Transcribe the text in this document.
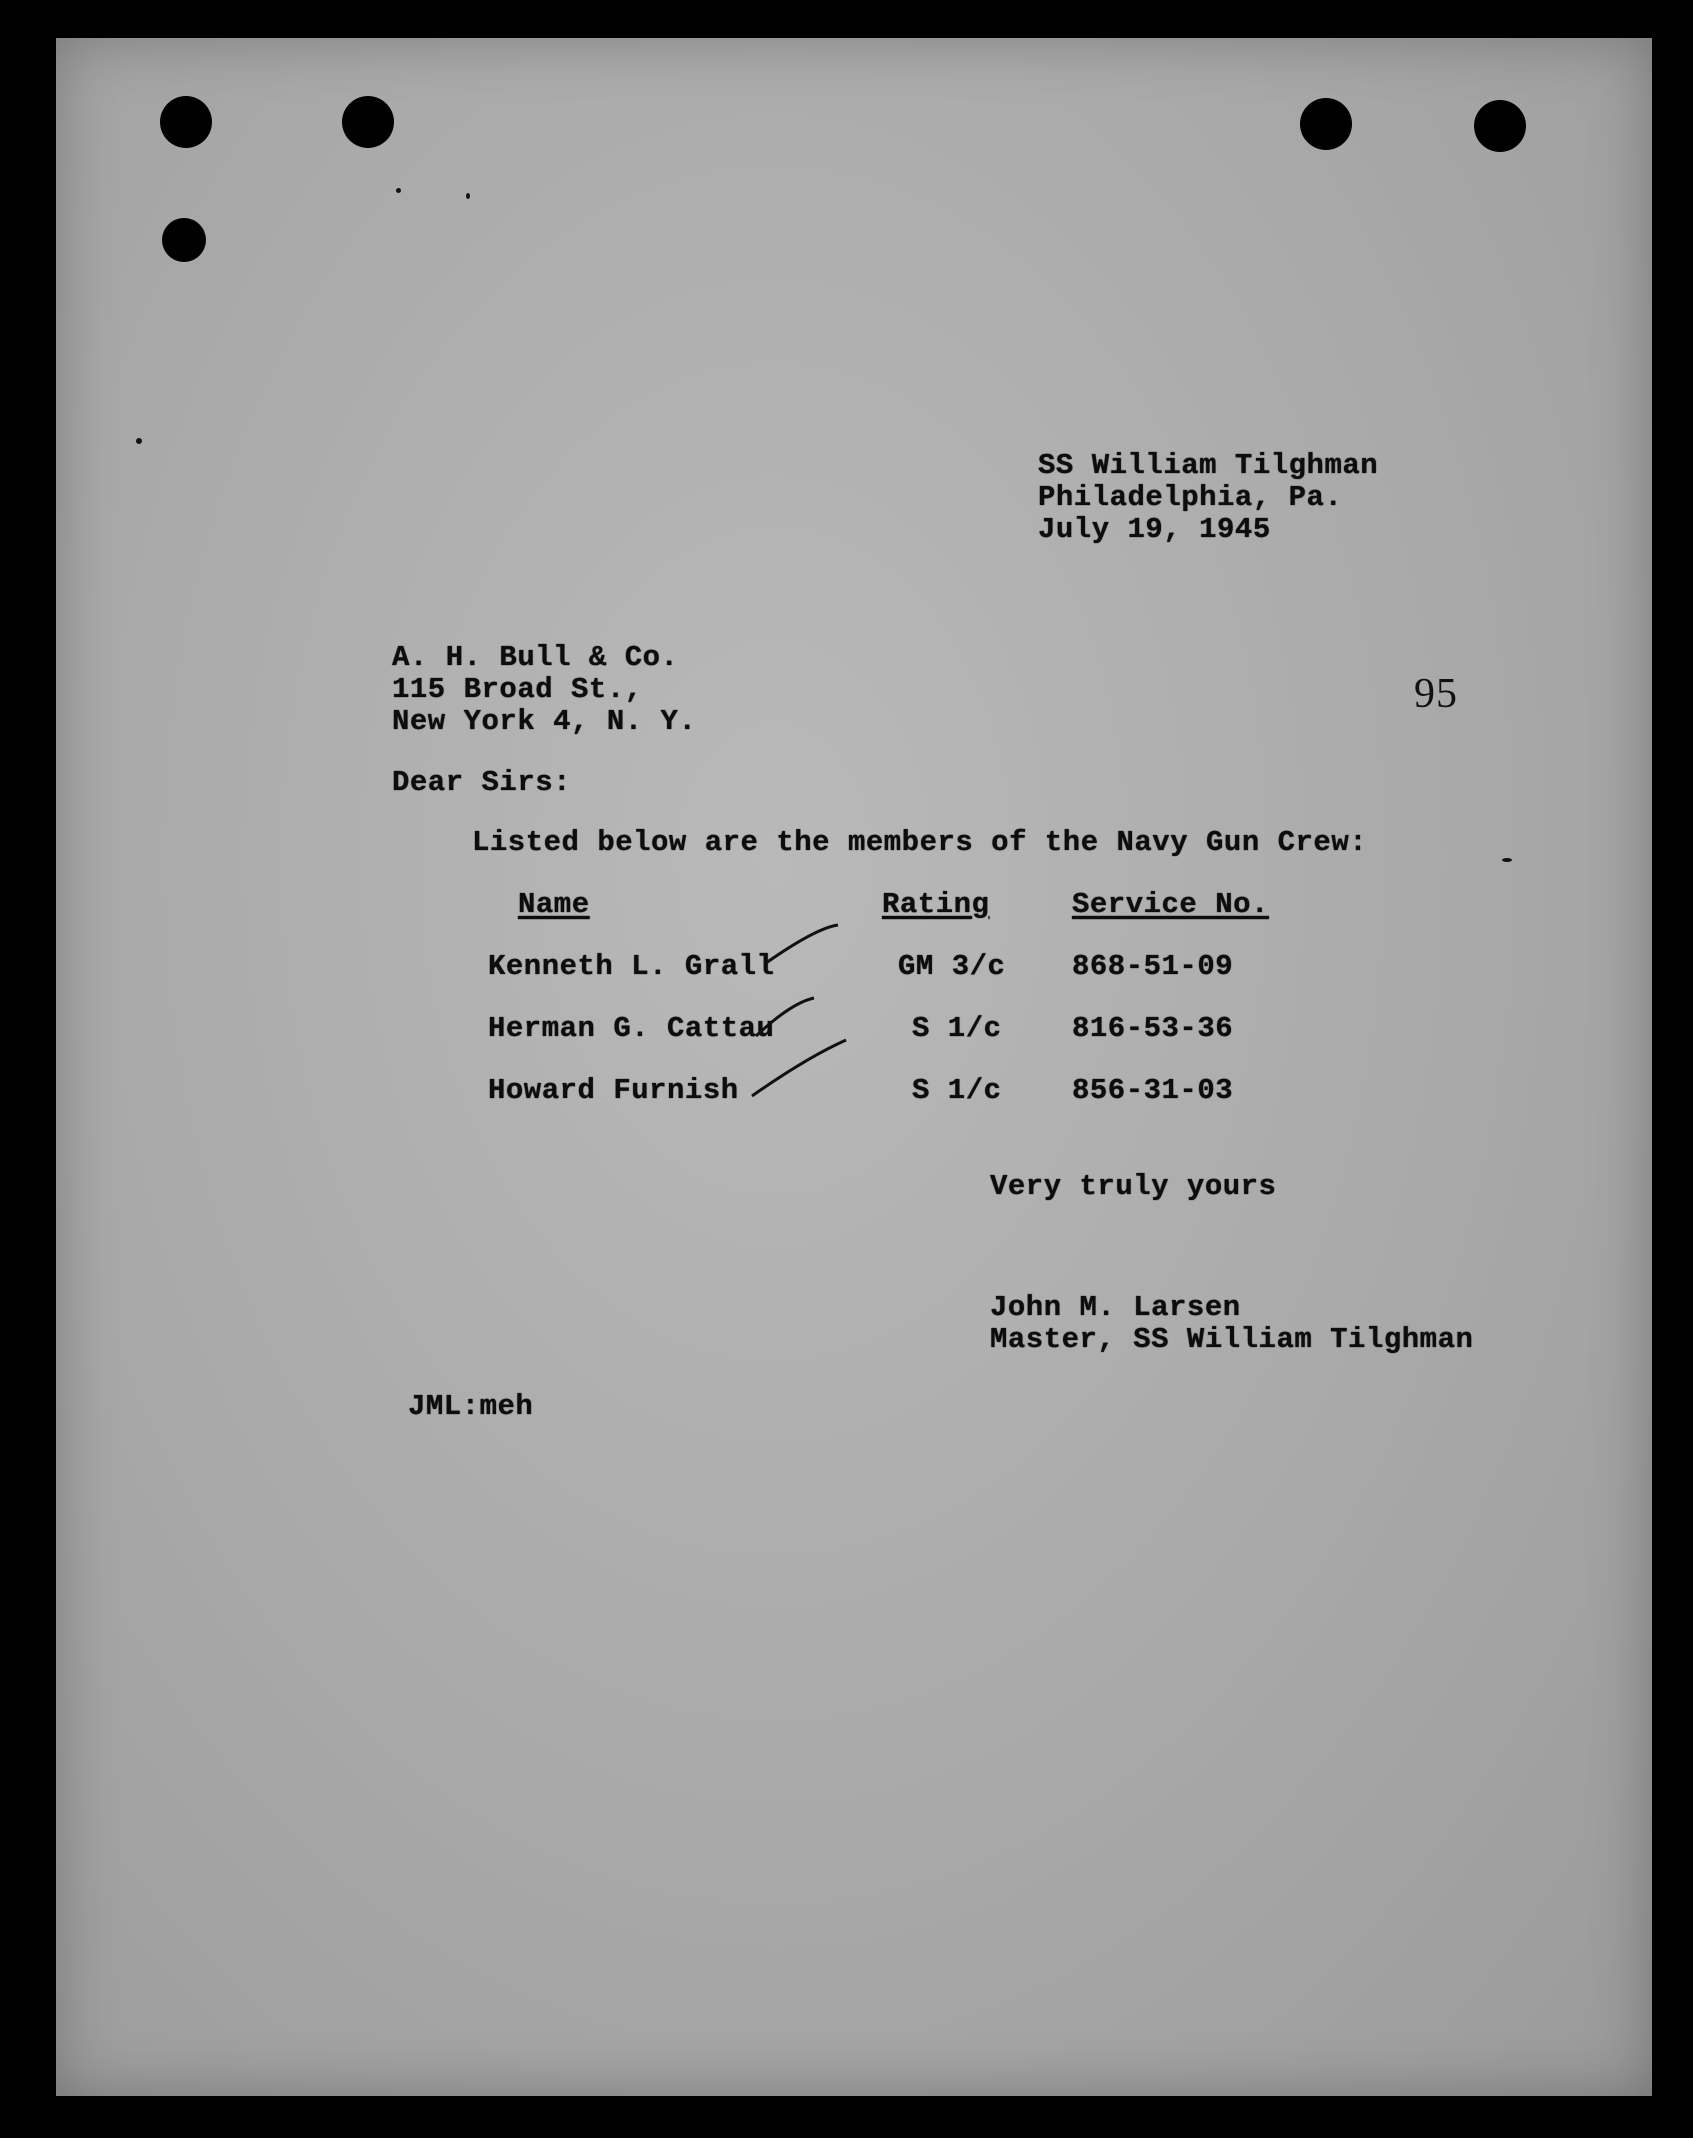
SS William Tilghman
Philadelphia, Pa.
July 19, 1945
95
A. H. Bull & Co.
115 Broad St.,
New York 4, N. Y.
Dear Sirs:
Listed below are the members of the Navy Gun Crew:
Name	Rating	Service No.
Kenneth L. Grall	GM 3/c 868-51-09
Herman G. Cattau	S 1/c 816-53-36
Howard Furnish	S 1/c 856-31-03
Very truly yours
John M. Larsen
Master, SS William Tilghman
JML:meh
